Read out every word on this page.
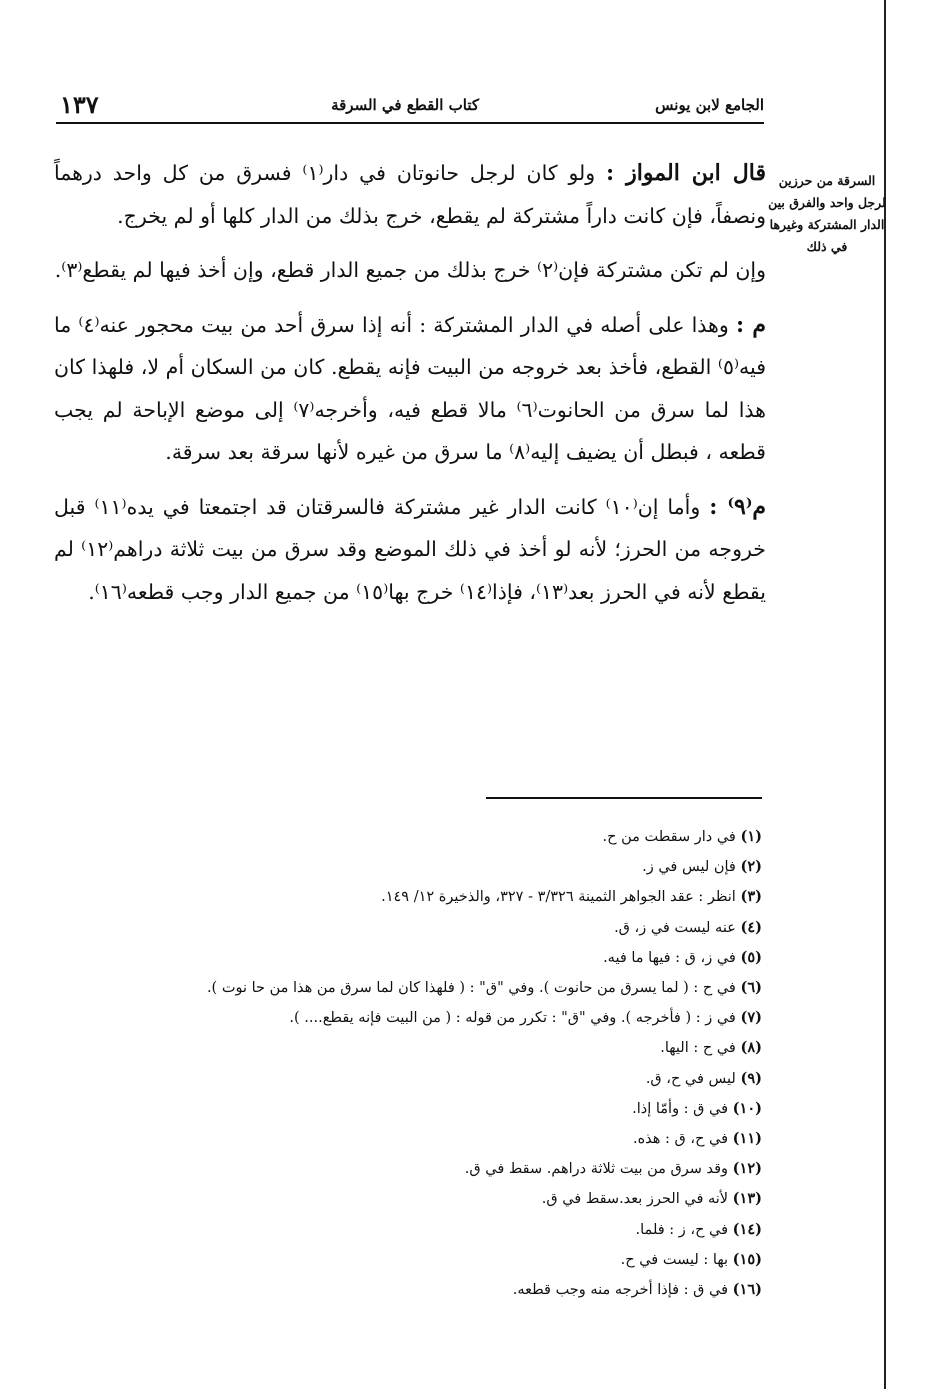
الجامع لابن يونس
كتاب القطع في السرقة
١٣٧
السرقة من حرزين لرجل واحد والفرق بين الدار المشتركة وغيرها في ذلك

قال ابن المواز : ولو كان لرجل حانوتان في دار⁽١⁾ فسرق من كل واحد درهماً ونصفاً، فإن كانت داراً مشتركة لم يقطع، خرج بذلك من الدار كلها أو لم يخرج.

وإن لم تكن مشتركة فإن⁽٢⁾ خرج بذلك من جميع الدار قطع، وإن أخذ فيها لم يقطع⁽٣⁾.

م : وهذا على أصله في الدار المشتركة : أنه إذا سرق أحد من بيت محجور عنه⁽٤⁾ ما فيه⁽٥⁾ القطع، فأخذ بعد خروجه من البيت فإنه يقطع. كان من السكان أم لا، فلهذا كان هذا لما سرق من الحانوت⁽٦⁾ مالا قطع فيه، وأخرجه⁽٧⁾ إلى موضع الإباحة لم يجب قطعه ، فبطل أن يضيف إليه⁽٨⁾ ما سرق من غيره لأنها سرقة بعد سرقة.

م⁽٩⁾ : وأما إن⁽١٠⁾ كانت الدار غير مشتركة فالسرقتان قد اجتمعتا في يده⁽١١⁾ قبل خروجه من الحرز؛ لأنه لو أخذ في ذلك الموضع وقد سرق من بيت ثلاثة دراهم⁽١٢⁾ لم يقطع لأنه في الحرز بعد⁽١٣⁾، فإذا⁽١٤⁾ خرج بها⁽١٥⁾ من جميع الدار وجب قطعه⁽١٦⁾.

(١) في دار سقطت من ح.
(٢) فإن ليس في ز.
(٣) انظر : عقد الجواهر الثمينة ٣/٣٢٦ - ٣٢٧، والذخيرة ١٢/ ١٤٩.
(٤) عنه ليست في ز، ق.
(٥) في ز، ق : فيها ما فيه.
(٦) في ح : ( لما يسرق من حانوت ). وفي "ق" : ( فلهذا كان لما سرق من هذا من حا نوت ).
(٧) في ز : ( فأخرجه ). وفي "ق" : تكرر من قوله : ( من البيت فإنه يقطع.... ).
(٨) في ح : اليها.
(٩) ليس في ح، ق.
(١٠) في ق : وأمّا إذا.
(١١) في ح، ق : هذه.
(١٢) وقد سرق من بيت ثلاثة دراهم. سقط في ق.
(١٣) لأنه في الحرز بعد.سقط في ق.
(١٤) في ح، ز : فلما.
(١٥) بها : ليست في ح.
(١٦) في ق : فإذا أخرجه منه وجب قطعه.
